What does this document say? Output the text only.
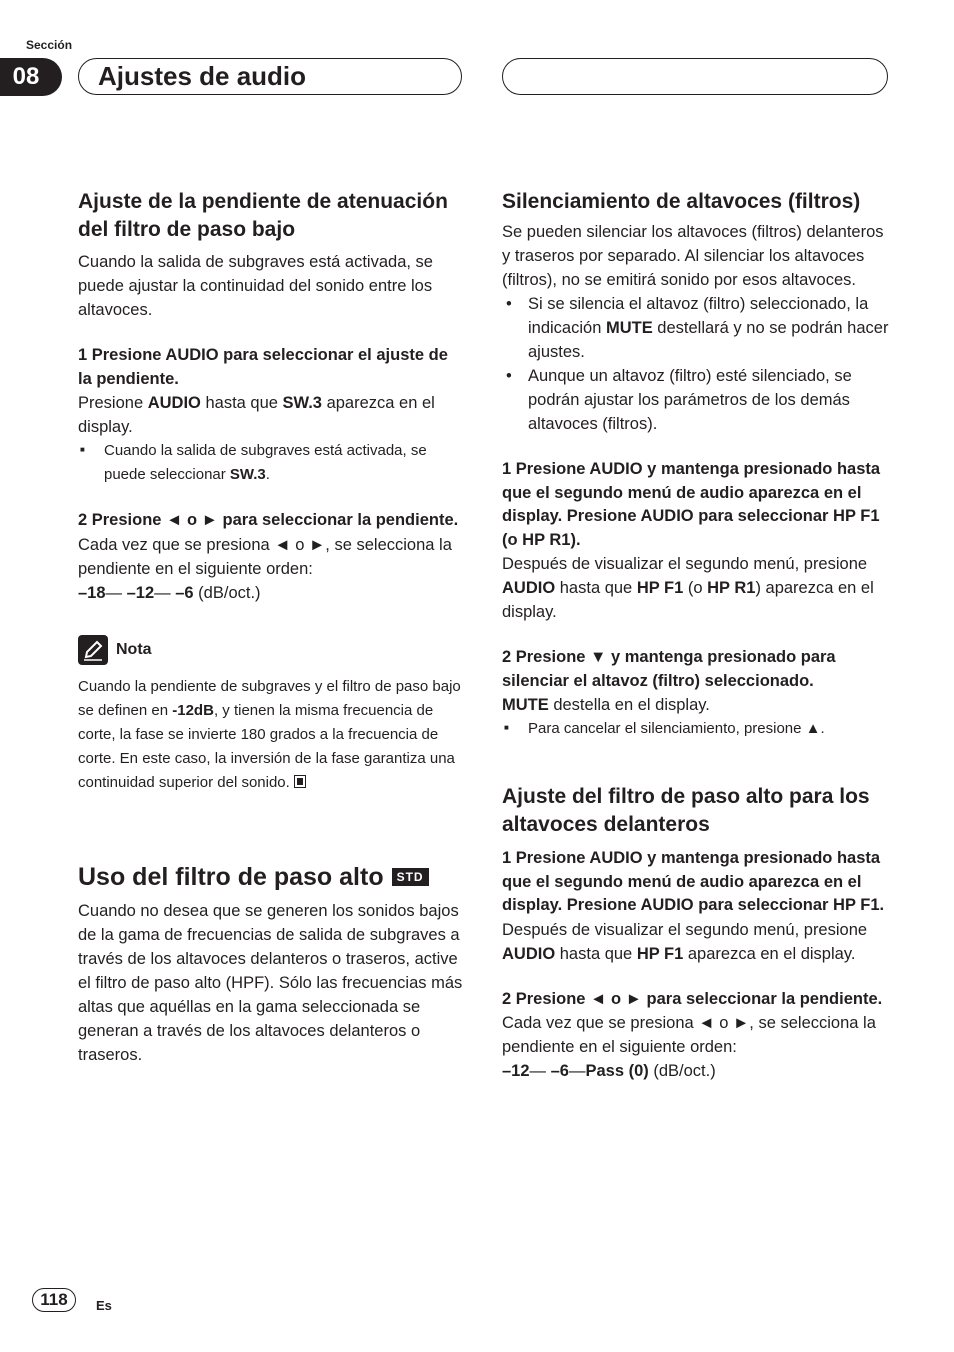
Sección
08	Ajustes de audio
Ajuste de la pendiente de atenuación del filtro de paso bajo

Cuando la salida de subgraves está activada, se puede ajustar la continuidad del sonido entre los altavoces.

1 Presione AUDIO para seleccionar el ajuste de la pendiente.

Presione AUDIO hasta que SW.3 aparezca en el display.

■ Cuando la salida de subgraves está activada, se puede seleccionar SW.3.

2 Presione ◄ o ► para seleccionar la pendiente.

Cada vez que se presiona ◄ o ►, se selecciona la pendiente en el siguiente orden:

–18— –12— –6 (dB/oct.)

Nota

Cuando la pendiente de subgraves y el filtro de paso bajo se definen en -12dB, y tienen la misma frecuencia de corte, la fase se invierte 180 grados a la frecuencia de corte. En este caso, la inversión de la fase garantiza una continuidad superior del sonido.

Uso del filtro de paso alto	STD

Cuando no desea que se generen los sonidos bajos de la gama de frecuencias de salida de subgraves a través de los altavoces delanteros o traseros, active el filtro de paso alto (HPF). Sólo las frecuencias más altas que aquéllas en la gama seleccionada se generan a través de los altavoces delanteros o traseros.

Silenciamiento de altavoces (filtros)

Se pueden silenciar los altavoces (filtros) delanteros y traseros por separado. Al silenciar los altavoces (filtros), no se emitirá sonido por esos altavoces.

• Si se silencia el altavoz (filtro) seleccionado, la indicación MUTE destellará y no se podrán hacer ajustes.

• Aunque un altavoz (filtro) esté silenciado, se podrán ajustar los parámetros de los demás altavoces (filtros).

1 Presione AUDIO y mantenga presionado hasta que el segundo menú de audio aparezca en el display. Presione AUDIO para seleccionar HP F1 (o HP R1).

Después de visualizar el segundo menú, presione AUDIO hasta que HP F1 (o HP R1) aparezca en el display.

2 Presione ▼ y mantenga presionado para silenciar el altavoz (filtro) seleccionado.

MUTE destella en el display.

■ Para cancelar el silenciamiento, presione ▲.

Ajuste del filtro de paso alto para los altavoces delanteros

1 Presione AUDIO y mantenga presionado hasta que el segundo menú de audio aparezca en el display. Presione AUDIO para seleccionar HP F1.

Después de visualizar el segundo menú, presione AUDIO hasta que HP F1 aparezca en el display.

2 Presione ◄ o ► para seleccionar la pendiente.

Cada vez que se presiona ◄ o ►, se selecciona la pendiente en el siguiente orden:

–12— –6—Pass (0) (dB/oct.)

118	Es
